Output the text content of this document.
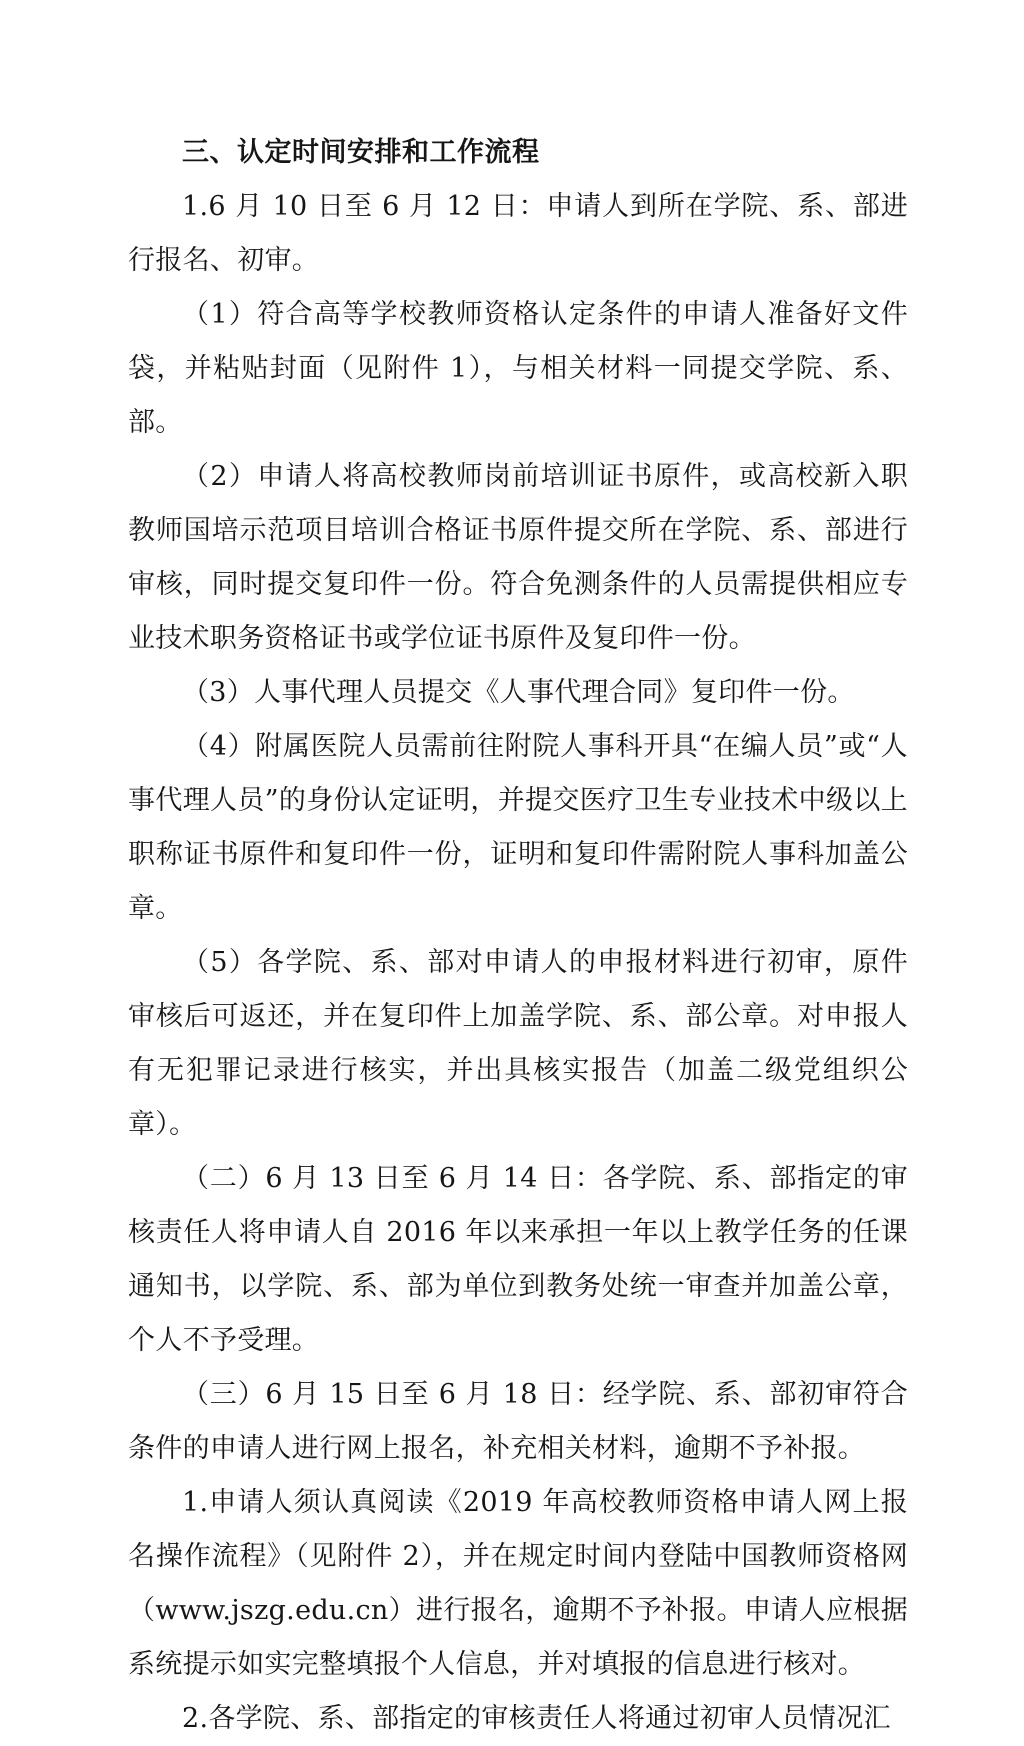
三、认定时间安排和工作流程

1.6 月 10 日至 6 月 12 日：申请人到所在学院、系、部进行报名、初审。

（1）符合高等学校教师资格认定条件的申请人准备好文件袋，并粘贴封面（见附件 1），与相关材料一同提交学院、系、部。

（2）申请人将高校教师岗前培训证书原件，或高校新入职教师国培示范项目培训合格证书原件提交所在学院、系、部进行审核，同时提交复印件一份。符合免测条件的人员需提供相应专业技术职务资格证书或学位证书原件及复印件一份。

（3）人事代理人员提交《人事代理合同》复印件一份。

（4）附属医院人员需前往附院人事科开具“在编人员”或“人事代理人员”的身份认定证明，并提交医疗卫生专业技术中级以上职称证书原件和复印件一份，证明和复印件需附院人事科加盖公章。

（5）各学院、系、部对申请人的申报材料进行初审，原件审核后可返还，并在复印件上加盖学院、系、部公章。对申报人有无犯罪记录进行核实，并出具核实报告（加盖二级党组织公章）。

（二）6 月 13 日至 6 月 14 日：各学院、系、部指定的审核责任人将申请人自 2016 年以来承担一年以上教学任务的任课通知书，以学院、系、部为单位到教务处统一审查并加盖公章，个人不予受理。

（三）6 月 15 日至 6 月 18 日：经学院、系、部初审符合条件的申请人进行网上报名，补充相关材料，逾期不予补报。

1.申请人须认真阅读《2019 年高校教师资格申请人网上报名操作流程》（见附件 2），并在规定时间内登陆中国教师资格网（www.jszg.edu.cn）进行报名，逾期不予补报。申请人应根据系统提示如实完整填报个人信息，并对填报的信息进行核对。

2.各学院、系、部指定的审核责任人将通过初审人员情况汇
